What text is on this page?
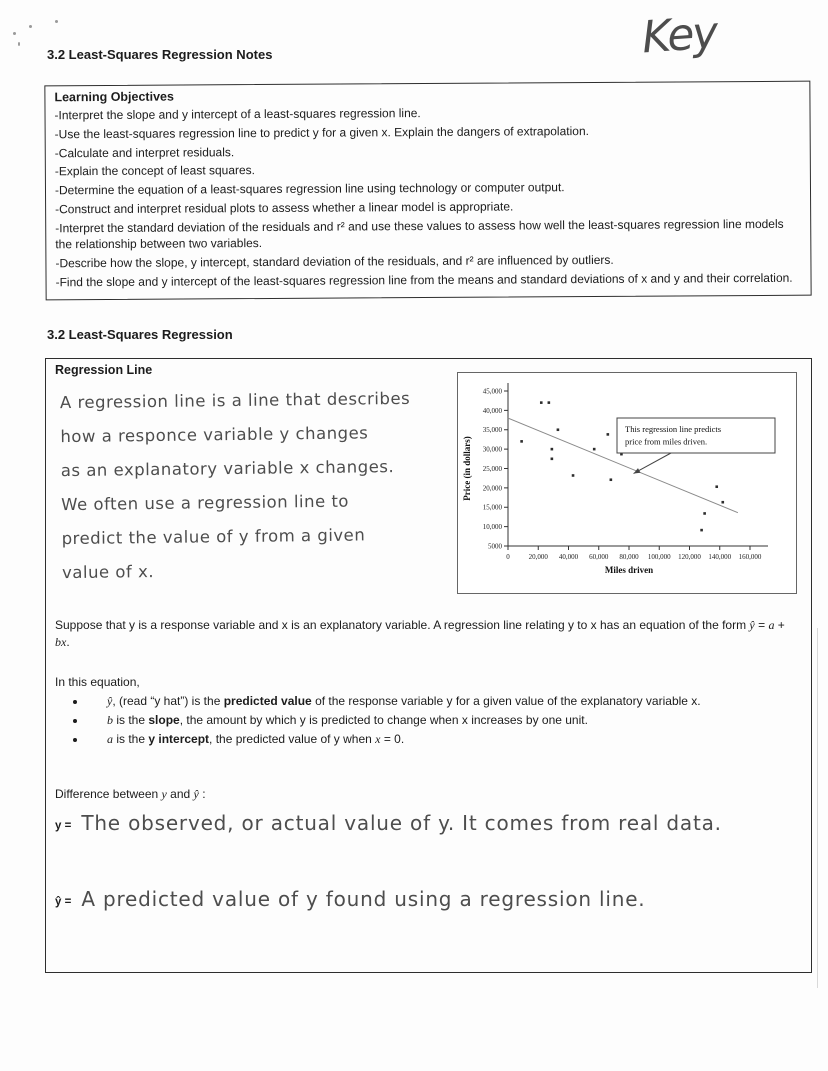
3.2 Least-Squares Regression Notes	Key
Learning Objectives
-Interpret the slope and y intercept of a least-squares regression line.
-Use the least-squares regression line to predict y for a given x. Explain the dangers of extrapolation.
-Calculate and interpret residuals.
-Explain the concept of least squares.
-Determine the equation of a least-squares regression line using technology or computer output.
-Construct and interpret residual plots to assess whether a linear model is appropriate.
-Interpret the standard deviation of the residuals and r² and use these values to assess how well the least-squares regression line models the relationship between two variables.
-Describe how the slope, y intercept, standard deviation of the residuals, and r² are influenced by outliers.
-Find the slope and y intercept of the least-squares regression line from the means and standard deviations of x and y and their correlation.
3.2 Least-Squares Regression
Regression Line
A regression line is a line that describes
how a responce variable y changes
as an explanatory variable x changes.
We often use a regression line to
predict the value of y from a given
value of x.
5000
10,000
15,000
20,000
25,000
30,000
35,000
40,000
45,000
0	20,000 40,000 60,000 80,000 100,000 120,000 140,000 160,000
Miles driven
Price (in dollars)
This regression line predicts
price from miles driven.
Suppose that y is a response variable and x is an explanatory variable. A regression line relating y to x has an equation of the form ŷ = a + bx.
In this equation,
• ŷ, (read “y hat”) is the predicted value of the response variable y for a given value of the explanatory variable x.
• b is the slope, the amount by which y is predicted to change when x increases by one unit.
• a is the y intercept, the predicted value of y when x = 0.
Difference between y and ŷ :
y = The observed, or actual value of y. It comes from real data.
ŷ = A predicted value of y found using a regression line.
